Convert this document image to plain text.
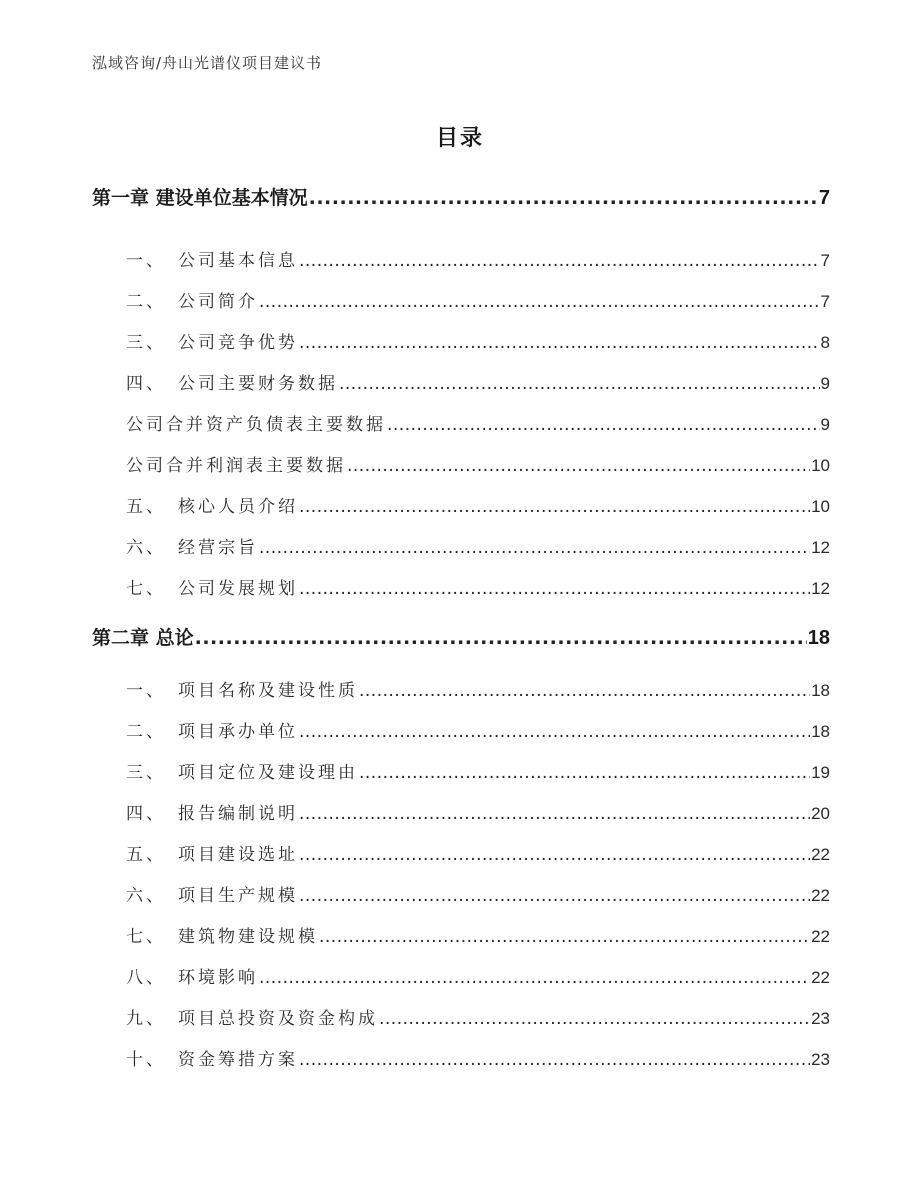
泓域咨询/舟山光谱仪项目建议书
目录
第一章 建设单位基本情况 .....	7
一、 公司基本信息 .....	7
二、 公司简介 .....	7
三、 公司竞争优势 .....	8
四、 公司主要财务数据 .....	9
公司合并资产负债表主要数据 .....	9
公司合并利润表主要数据 .....	10
五、 核心人员介绍 .....	10
六、 经营宗旨 .....	12
七、 公司发展规划 .....	12
第二章 总论 .....	18
一、 项目名称及建设性质 .....	18
二、 项目承办单位 .....	18
三、 项目定位及建设理由 .....	19
四、 报告编制说明 .....	20
五、 项目建设选址 .....	22
六、 项目生产规模 .....	22
七、 建筑物建设规模 .....	22
八、 环境影响 .....	22
九、 项目总投资及资金构成 .....	23
十、 资金筹措方案 .....	23
